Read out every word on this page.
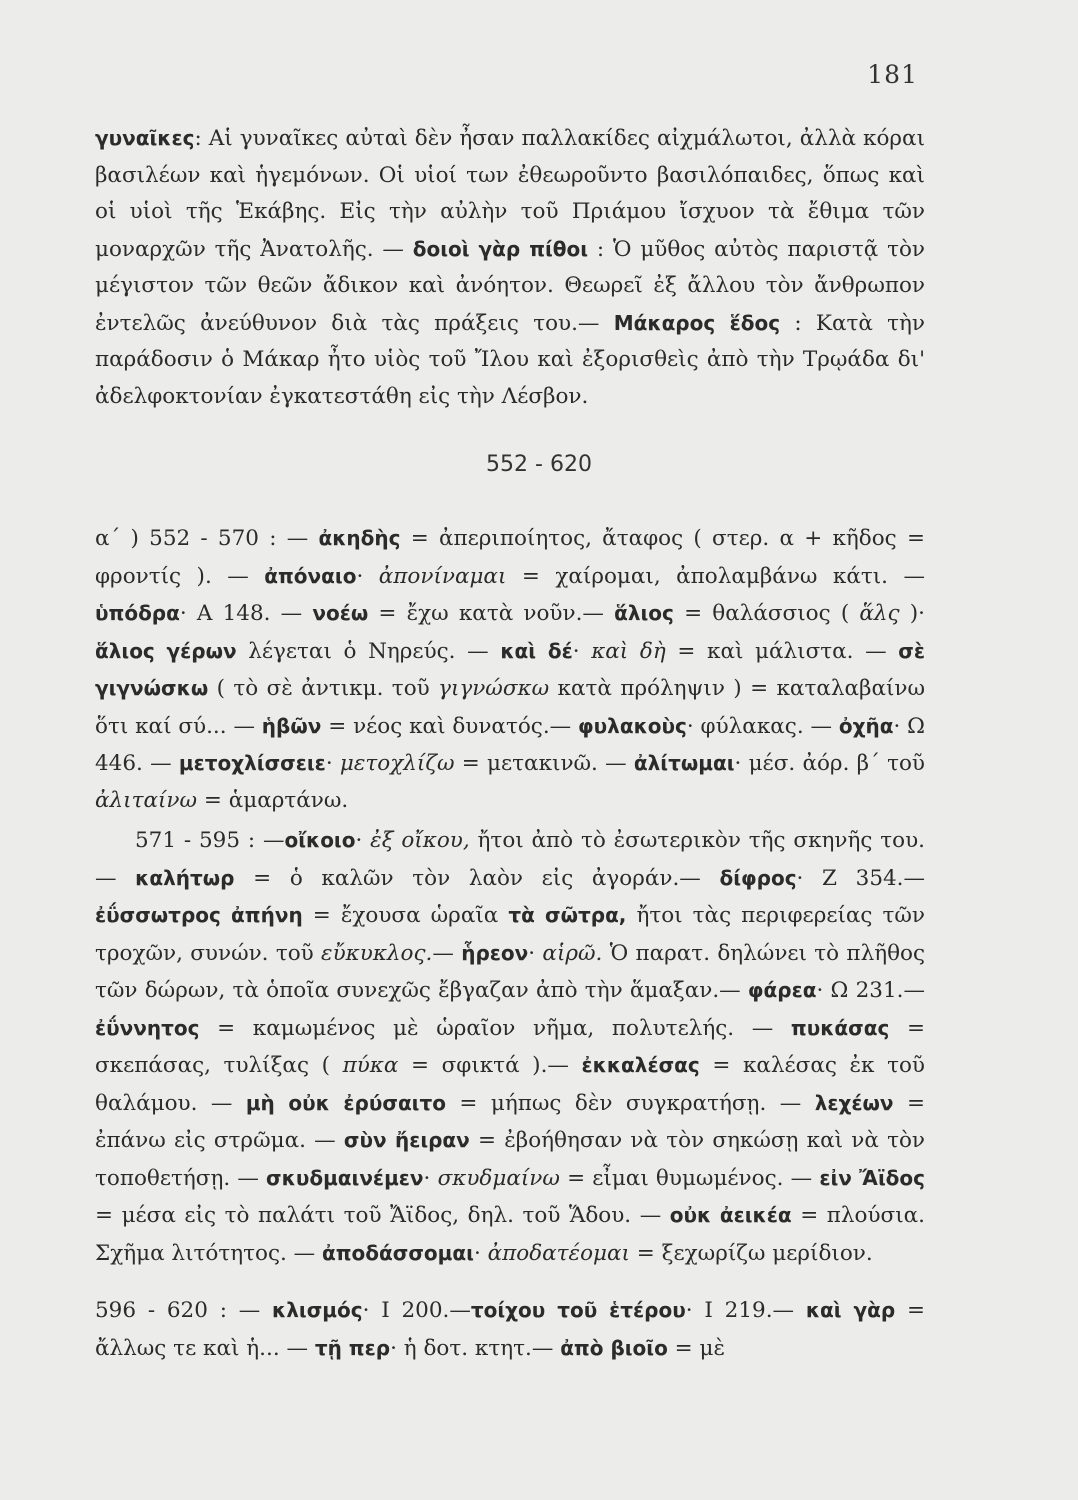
181
γυναῖκες: Αἱ γυναῖκες αὐταὶ δὲν ἦσαν παλλακίδες αἰχμάλωτοι, ἀλλὰ κόραι βασιλέων καὶ ἡγεμόνων. Οἱ υἱοί των ἐθεωροῦντο βασιλόπαιδες, ὅπως καὶ οἱ υἱοὶ τῆς Ἑκάβης. Εἰς τὴν αὐλὴν τοῦ Πριάμου ἴσχυον τὰ ἔθιμα τῶν μοναρχῶν τῆς Ἀνατολῆς. — δοιοὶ γὰρ πίθοι : Ὁ μῦθος αὐτὸς παριστᾷ τὸν μέγιστον τῶν θεῶν ἄδικον καὶ ἀνόητον. Θεωρεῖ ἐξ ἄλλου τὸν ἄνθρωπον ἐντελῶς ἀνεύθυνον διὰ τὰς πράξεις του.— Μάκαρος ἕδος : Κατὰ τὴν παράδοσιν ὁ Μάκαρ ἦτο υἱὸς τοῦ Ἴλου καὶ ἐξορισθεὶς ἀπὸ τὴν Τρῳάδα δι' ἀδελφοκτονίαν ἐγκατεστάθη εἰς τὴν Λέσβον.
552 - 620
α΄ ) 552 - 570 : — ἀκηδὴς = ἀπεριποίητος, ἄταφος ( στερ. α + κῆδος = φροντίς ). — ἀπόναιο· ἀπονίναμαι = χαίρομαι, ἀπολαμβάνω κάτι. — ὑπόδρα· Α 148. — νοέω = ἔχω κατὰ νοῦν.— ἅλιος = θαλάσσιος ( ἅλς )· ἅλιος γέρων λέγεται ὁ Νηρεύς. — καὶ δέ· καὶ δὴ = καὶ μάλιστα. — σὲ γιγνώσκω ( τὸ σὲ ἀντικμ. τοῦ γιγνώσκω κατὰ πρόληψιν ) = καταλαβαίνω ὅτι καί σύ... — ἡβῶν = νέος καὶ δυνατός.— φυλακοὺς· φύλακας. — ὀχῆα· Ω 446. — μετοχλίσσειε· μετοχλίζω = μετακινῶ. — ἀλίτωμαι· μέσ. ἀόρ. β΄ τοῦ ἀλιταίνω = ἁμαρτάνω.
571 - 595 : —οἴκοιο· ἐξ οἴκου, ἤτοι ἀπὸ τὸ ἐσωτερικὸν τῆς σκηνῆς του.— καλήτωρ = ὁ καλῶν τὸν λαὸν εἰς ἀγοράν.— δίφρος· Ζ 354.— ἐΰσσωτρος ἀπήνη = ἔχουσα ὡραῖα τὰ σῶτρα, ἤτοι τὰς περιφερείας τῶν τροχῶν, συνών. τοῦ εὔκυκλος.— ἧρεον· αἱρῶ. Ὁ παρατ. δηλώνει τὸ πλῆθος τῶν δώρων, τὰ ὁποῖα συνεχῶς ἔβγαζαν ἀπὸ τὴν ἅμαξαν.— φάρεα· Ω 231.— ἐΰννητος = καμωμένος μὲ ὡραῖον νῆμα, πολυτελής. — πυκάσας = σκεπάσας, τυλίξας ( πύκα = σφικτά ).— ἐκκαλέσας = καλέσας ἐκ τοῦ θαλάμου. — μὴ οὐκ ἐρύσαιτο = μήπως δὲν συγκρατήσῃ. — λεχέων = ἐπάνω εἰς στρῶμα. — σὺν ἤειραν = ἐβοήθησαν νὰ τὸν σηκώσῃ καὶ νὰ τὸν τοποθετήσῃ. — σκυδμαινέμεν· σκυδμαίνω = εἶμαι θυμωμένος. — εἰν Ἄϊδος = μέσα εἰς τὸ παλάτι τοῦ Ἄϊδος, δηλ. τοῦ Ἅδου. — οὐκ ἀεικέα = πλούσια. Σχῆμα λιτότητος. — ἀποδάσσομαι· ἀποδατέομαι = ξεχωρίζω μερίδιον.
596 - 620 : — κλισμός· Ι 200.—τοίχου τοῦ ἑτέρου· Ι 219.— καὶ γὰρ = ἄλλως τε καὶ ἡ... — τῇ περ· ἡ δοτ. κτητ.— ἀπὸ βιοῖο = μὲ
